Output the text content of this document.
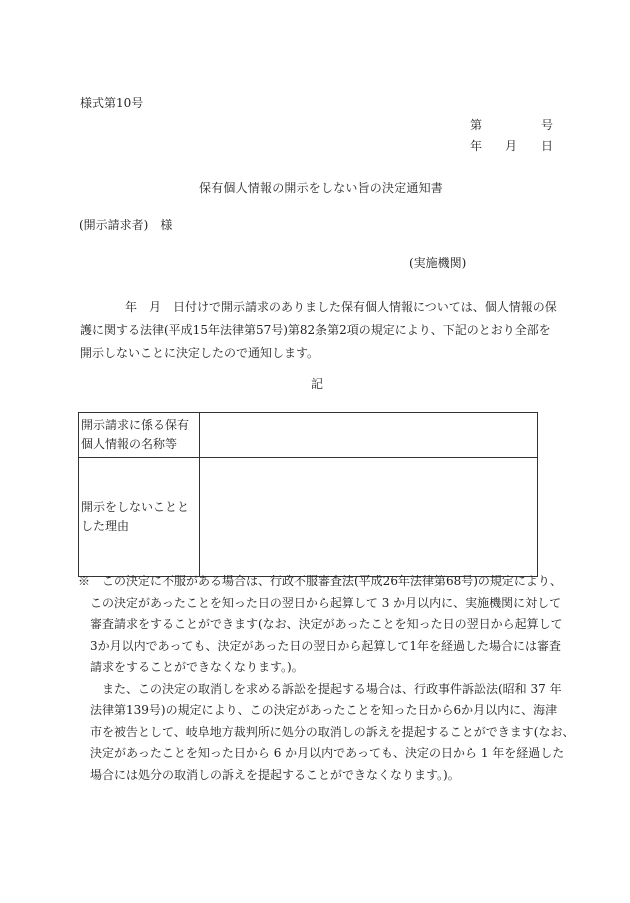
様式第10号
第	号
年 月 日
保有個人情報の開示をしない旨の決定通知書
(開示請求者)　様
(実施機関)
年　月　日付けで開示請求のありました保有個人情報については、個人情報の保
護に関する法律(平成15年法律第57号)第82条第2項の規定により、下記のとおり全部を
開示しないことに決定したので通知します。
記
開示請求に係る保有個人情報の名称等	
開示をしないこととした理由	
※　この決定に不服がある場合は、行政不服審査法(平成26年法律第68号)の規定により、
この決定があったことを知った日の翌日から起算して 3 か月以内に、実施機関に対して
審査請求をすることができます(なお、決定があったことを知った日の翌日から起算して
3か月以内であっても、決定があった日の翌日から起算して1年を経過した場合には審査
請求をすることができなくなります。)。
また、この決定の取消しを求める訴訟を提起する場合は、行政事件訴訟法(昭和 37 年
法律第139号)の規定により、この決定があったことを知った日から6か月以内に、海津
市を被告として、岐阜地方裁判所に処分の取消しの訴えを提起することができます(なお、
決定があったことを知った日から 6 か月以内であっても、決定の日から 1 年を経過した
場合には処分の取消しの訴えを提起することができなくなります。)。
